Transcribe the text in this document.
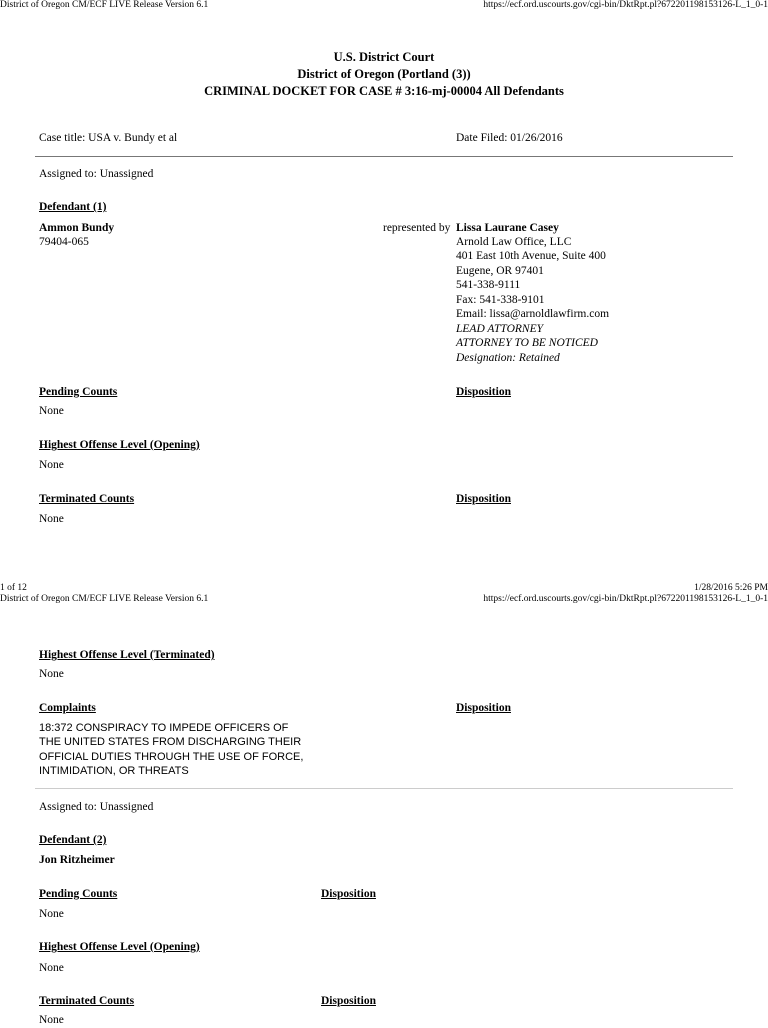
District of Oregon CM/ECF LIVE Release Version 6.1	https://ecf.ord.uscourts.gov/cgi-bin/DktRpt.pl?672201198153126-L_1_0-1
U.S. District Court
District of Oregon (Portland (3))
CRIMINAL DOCKET FOR CASE # 3:16-mj-00004 All Defendants
Case title: USA v. Bundy et al	Date Filed: 01/26/2016
Assigned to: Unassigned
Defendant (1)
Ammon Bundy
79404-065
represented by Lissa Laurane Casey
Arnold Law Office, LLC
401 East 10th Avenue, Suite 400
Eugene, OR 97401
541-338-9111
Fax: 541-338-9101
Email: lissa@arnoldlawfirm.com
LEAD ATTORNEY
ATTORNEY TO BE NOTICED
Designation: Retained
Pending Counts	Disposition
None
Highest Offense Level (Opening)
None
Terminated Counts	Disposition
None
1 of 12	1/28/2016 5:26 PM
District of Oregon CM/ECF LIVE Release Version 6.1	https://ecf.ord.uscourts.gov/cgi-bin/DktRpt.pl?672201198153126-L_1_0-1
Highest Offense Level (Terminated)
None
Complaints	Disposition
18:372 CONSPIRACY TO IMPEDE OFFICERS OF
THE UNITED STATES FROM DISCHARGING THEIR
OFFICIAL DUTIES THROUGH THE USE OF FORCE,
INTIMIDATION, OR THREATS
Assigned to: Unassigned
Defendant (2)
Jon Ritzheimer
Pending Counts	Disposition
None
Highest Offense Level (Opening)
None
Terminated Counts	Disposition
None
